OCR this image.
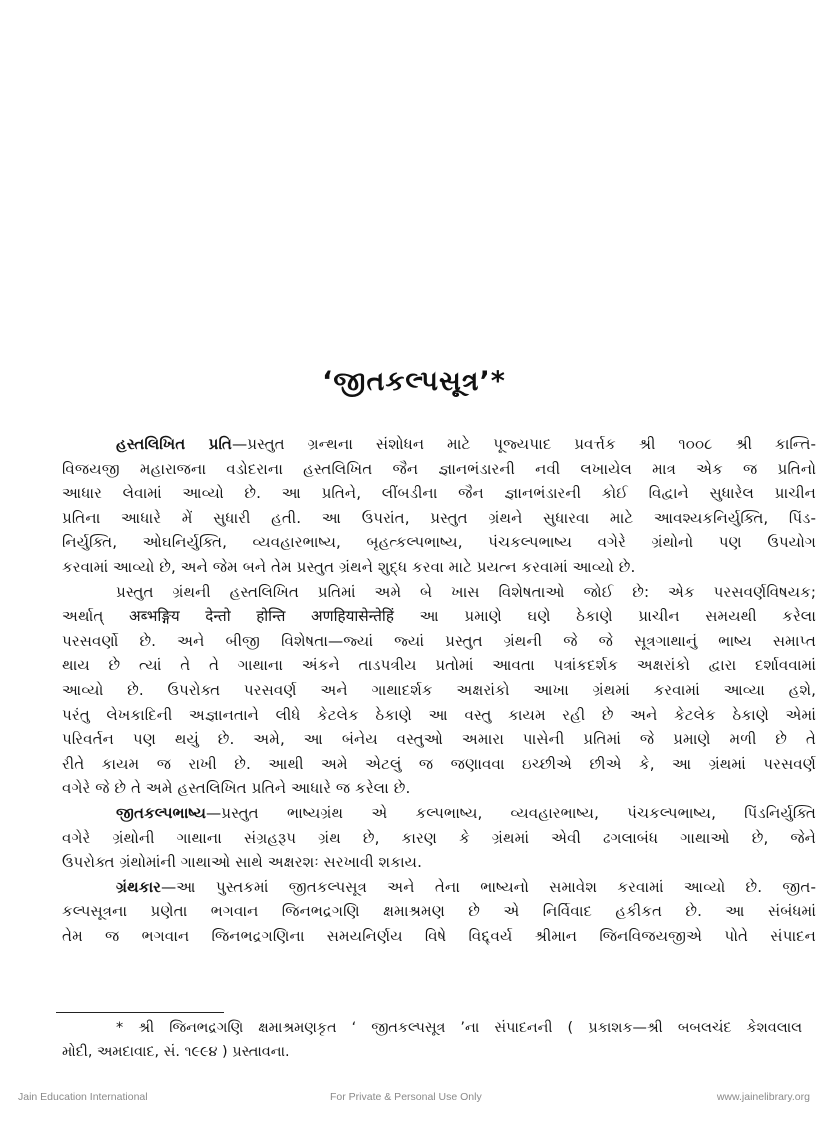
‘જીતકલ્પસૂત્ર’*

હસ્તલિખિત પ્રતિ—પ્રસ્તુત ગ્રન્થના સંશોધન માટે પૂજ્યપાદ પ્રવર્ત્તક શ્રી ૧૦૦૮ શ્રી કાન્તિ-
વિજયજી મહારાજના વડોદરાના હસ્તલિખિત જૈન જ્ઞાનભંડારની નવી લખાયેલ માત્ર એક જ પ્રતિનો
આધાર લેવામાં આવ્યો છે. આ પ્રતિને, લીંબડીના જૈન જ્ઞાનભંડારની કોઈ વિદ્વાને સુધારેલ પ્રાચીન
પ્રતિના આધારે મેં સુધારી હતી. આ ઉપરાંત, પ્રસ્તુત ગ્રંથને સુધારવા માટે આવશ્યકનિર્યુક્તિ, પિંડ-
નિર્યુક્તિ, ઓઘનિર્યુક્તિ, વ્યવહારભાષ્ય, બૃહત્કલ્પભાષ્ય, પંચકલ્પભાષ્ય વગેરે ગ્રંથોનો પણ ઉપયોગ
કરવામાં આવ્યો છે, અને જેમ બને તેમ પ્રસ્તુત ગ્રંથને શુદ્ધ કરવા માટે પ્રયત્ન કરવામાં આવ્યો છે.

પ્રસ્તુત ગ્રંથની હસ્તલિખિત પ્રતિમાં અમે બે ખાસ વિશેષતાઓ જોઈ છે: એક પરસવર્ણવિષયક;
અર્થાત્ अब्भङ्गिय देन्तो होन्ति अणहियासेन्तेहिं આ પ્રમાણે ઘણે ઠેકાણે પ્રાચીન સમયથી કરેલા
પરસવર્ણો છે. અને બીજી વિશેષતા—જ્યાં જ્યાં પ્રસ્તુત ગ્રંથની જે જે સૂત્રગાથાનું ભાષ્ય સમાપ્ત
થાય છે ત્યાં તે તે ગાથાના અંકને તાડપત્રીય પ્રતોમાં આવતા પત્રાંકદર્શક અક્ષરાંકો દ્વારા દર્શાવવામાં
આવ્યો છે. ઉપરોક્ત પરસવર્ણ અને ગાથાદર્શક અક્ષરાંકો આખા ગ્રંથમાં કરવામાં આવ્યા હશે,
પરંતુ લેખકાદિની અજ્ઞાનતાને લીધે કેટલેક ઠેકાણે આ વસ્તુ કાયમ રહી છે અને કેટલેક ઠેકાણે એમાં
પરિવર્તન પણ થયું છે. અમે, આ બંનેય વસ્તુઓ અમારા પાસેની પ્રતિમાં જે પ્રમાણે મળી છે તે
રીતે કાયમ જ રાખી છે. આથી અમે એટલું જ જણાવવા ઇચ્છીએ છીએ કે, આ ગ્રંથમાં પરસવર્ણ
વગેરે જે છે તે અમે હસ્તલિખિત પ્રતિને આધારે જ કરેલા છે.

જીતકલ્પભાષ્ય—પ્રસ્તુત ભાષ્યગ્રંથ એ કલ્પભાષ્ય, વ્યવહારભાષ્ય, પંચકલ્પભાષ્ય, પિંડનિર્યુક્તિ
વગેરે ગ્રંથોની ગાથાના સંગ્રહરૂપ ગ્રંથ છે, કારણ કે ગ્રંથમાં એવી ઢગલાબંધ ગાથાઓ છે, જેને
ઉપરોક્ત ગ્રંથોમાંની ગાથાઓ સાથે અક્ષરશઃ સરખાવી શકાય.

ગ્રંથકાર—આ પુસ્તકમાં જીતકલ્પસૂત્ર અને તેના ભાષ્યનો સમાવેશ કરવામાં આવ્યો છે. જીત-
કલ્પસૂત્રના પ્રણેતા ભગવાન જિનભદ્રગણિ ક્ષમાશ્રમણ છે એ નિર્વિવાદ હકીકત છે. આ સંબંધમાં
તેમ જ ભગવાન જિનભદ્રગણિના સમયનિર્ણય વિષે વિદ્દ્વર્ય શ્રીમાન જિનવિજયજીએ પોતે સંપાદન

* શ્રી જિનભદ્રગણિ ક્ષમાશ્રમણકૃત ‘ જીતકલ્પસૂત્ર ’ના સંપાદનની ( પ્રકાશક—શ્રી બબલચંદ કેશવલાલ
મોદી, અમદાવાદ, સં. ૧૯૯૪ ) પ્રસ્તાવના.
Jain Education International	For Private & Personal Use Only	www.jainelibrary.org
